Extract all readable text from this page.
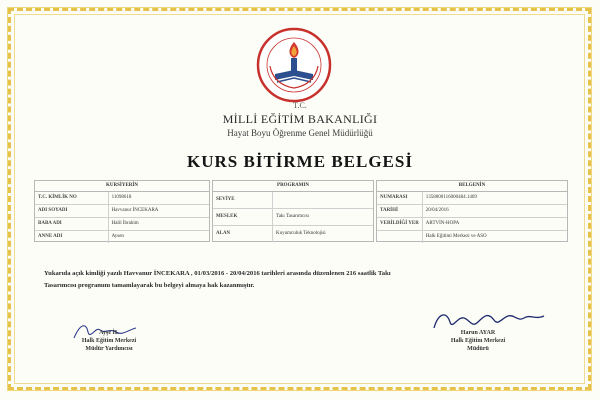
T.C.
MİLLİ EĞİTİM BAKANLIĞI
Hayat Boyu Öğrenme Genel Müdürlüğü
KURS BİTİRME BELGESİ
KURSİYERİN
T.C. KİMLİK NO	11098618
ADI SOYADI	Havvanur İNCEKARA
BABA ADI	Halil İbrahim
ANNE ADI	Aysen
PROGRAMIN
SEVİYE
MESLEK	Takı Tasarımcısı
ALAN	Kuyumculuk Teknolojisi
BELGENİN
NUMARASI	1358000116000484.1469
TARİHİ	20/04/2016
VERİLDİĞİ YER	ARTVİN-HOPA
Halk Eğitimi Merkezi ve ASO
Yukarıda açık kimliği yazılı Havvanur İNCEKARA , 01/03/2016 - 20/04/2016 tarihleri arasında düzenlenen 216 saatlik Takı
Tasarımcısı programını tamamlayarak bu belgeyi almaya hak kazanmıştır.
Ayşe İL
Halk Eğitim Merkezi
Müdür Yardımcısı
Harun AYAR
Halk Eğitim Merkezi
Müdürü
